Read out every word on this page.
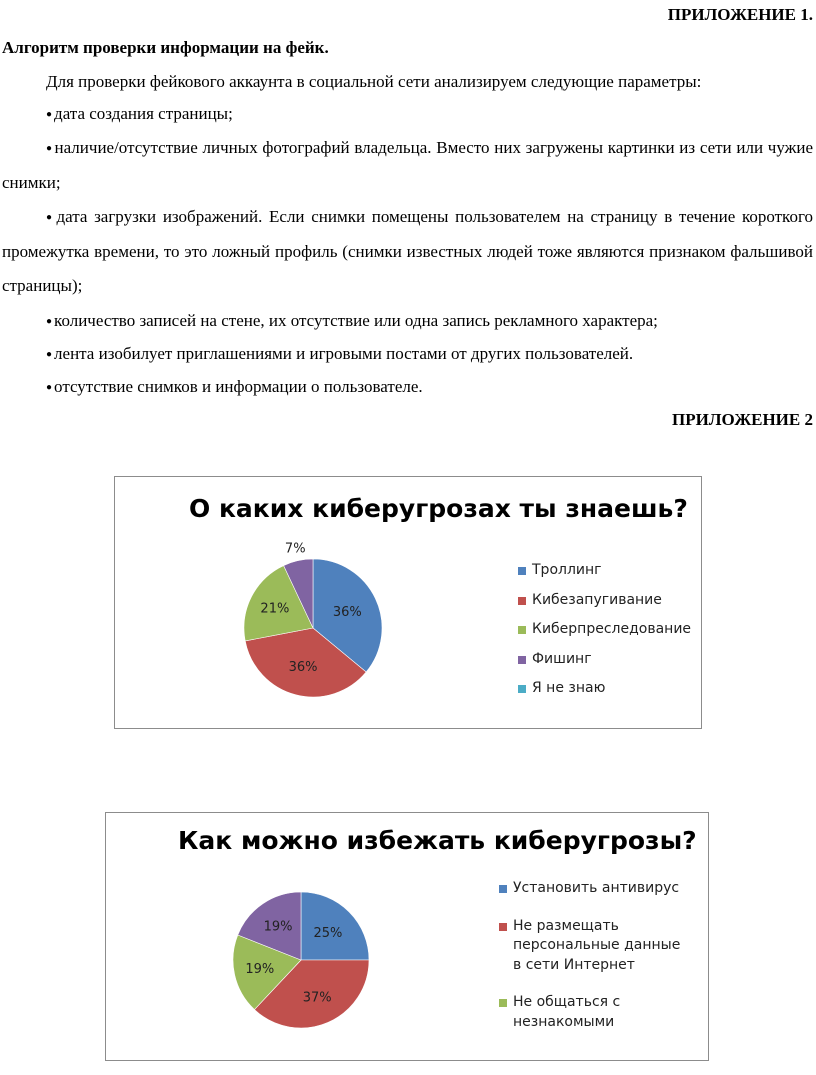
ПРИЛОЖЕНИЕ 1.
Алгоритм проверки информации на фейк.
Для проверки фейкового аккаунта в социальной сети анализируем следующие параметры:
● дата создания страницы;
● наличие/отсутствие личных фотографий владельца. Вместо них загружены картинки из сети или чужие снимки;
● дата загрузки изображений. Если снимки помещены пользователем на страницу в течение короткого промежутка времени, то это ложный профиль (снимки известных людей тоже являются признаком фальшивой страницы);
● количество записей на стене, их отсутствие или одна запись рекламного характера;
● лента изобилует приглашениями и игровыми постами от других пользователей.
● отсутствие снимков и информации о пользователе.
ПРИЛОЖЕНИЕ 2
О каких киберугрозах ты знаешь?
36%
36%
21%
7%
Троллинг
Кибезапугивание
Киберпреследование
Фишинг
Я не знаю
Как можно избежать киберугрозы?
25%
37%
19%
19%
Установить антивирус
Не размещать персональные данные в сети Интернет
Не общаться с незнакомыми
